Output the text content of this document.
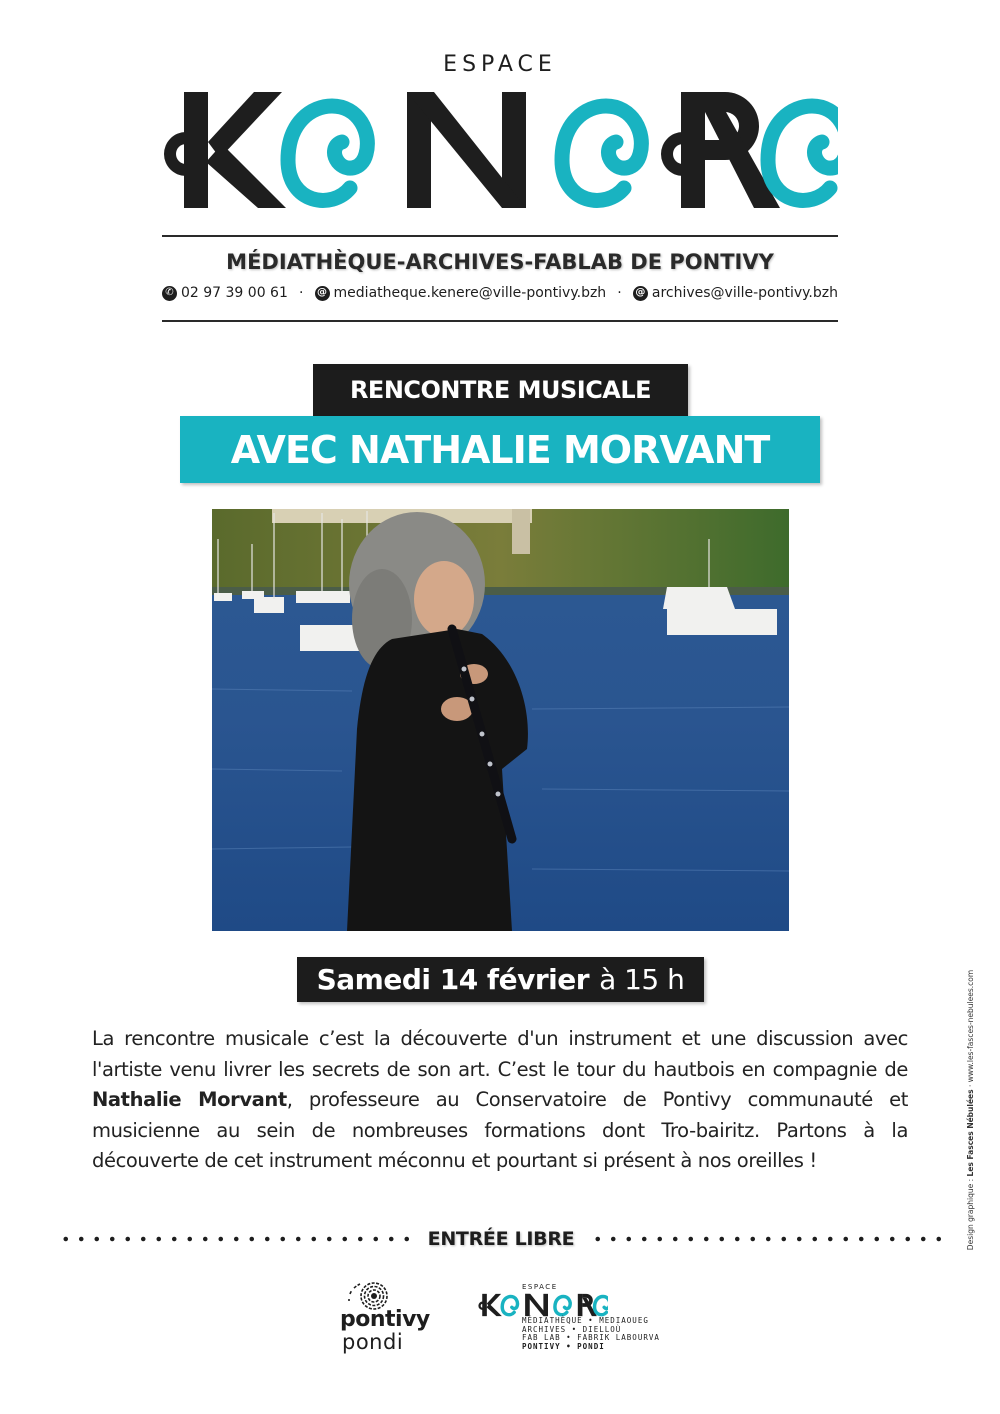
ESPACE
MÉDIATHÈQUE-ARCHIVES-FABLAB DE PONTIVY
✆ 02 97 39 00 61 · @ mediatheque.kenere@ville-pontivy.bzh · @ archives@ville-pontivy.bzh
RENCONTRE MUSICALE
AVEC NATHALIE MORVANT
Samedi 14 février à 15 h

La rencontre musicale c’est la découverte d'un instrument et une discussion avec l'artiste venu livrer les secrets de son art. C’est le tour du hautbois en compagnie de Nathalie Morvant, professeure au Conservatoire de Pontivy communauté et musicienne au sein de nombreuses formations dont Tro-bairitz. Partons à la découverte de cet instrument méconnu et pourtant si présent à nos oreilles !

ENTRÉE LIBRE
pontivy
pondi
ESPACE
MÉDIATHÈQUE • MEDIAOUEG
ARCHIVES • DIELLOÙ
FAB LAB • FABRIK LABOURVA
PONTIVY • PONDI
Design graphique : Les Fasces Nébulées · www.les-fasces-nebulees.com
